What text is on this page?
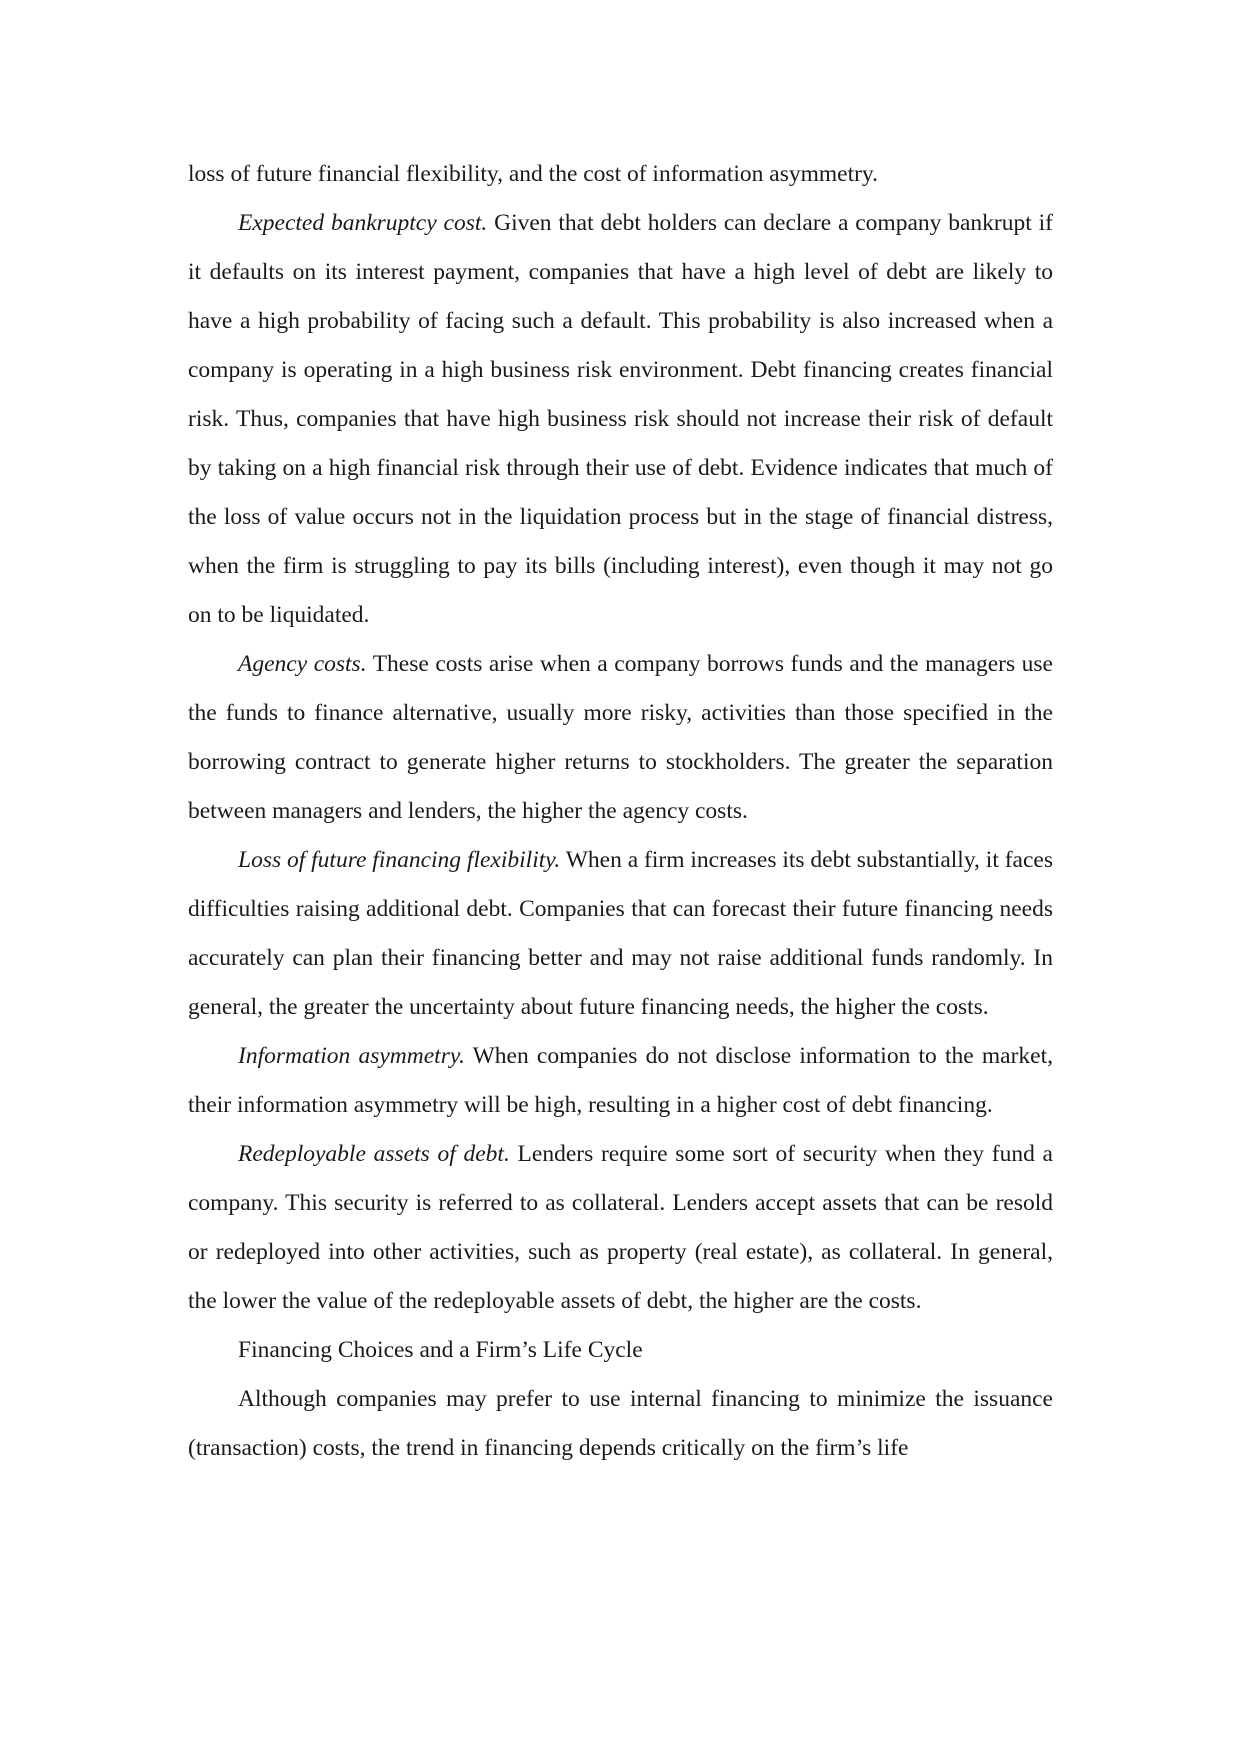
loss of future financial flexibility, and the cost of information asymmetry.

Expected bankruptcy cost. Given that debt holders can declare a company bankrupt if it defaults on its interest payment, companies that have a high level of debt are likely to have a high probability of facing such a default. This probability is also increased when a company is operating in a high business risk environment. Debt financing creates financial risk. Thus, companies that have high business risk should not increase their risk of default by taking on a high financial risk through their use of debt. Evidence indicates that much of the loss of value occurs not in the liquidation process but in the stage of financial distress, when the firm is struggling to pay its bills (including interest), even though it may not go on to be liquidated.

Agency costs. These costs arise when a company borrows funds and the managers use the funds to finance alternative, usually more risky, activities than those specified in the borrowing contract to generate higher returns to stockholders. The greater the separation between managers and lenders, the higher the agency costs.

Loss of future financing flexibility. When a firm increases its debt substantially, it faces difficulties raising additional debt. Companies that can forecast their future financing needs accurately can plan their financing better and may not raise additional funds randomly. In general, the greater the uncertainty about future financing needs, the higher the costs.

Information asymmetry. When companies do not disclose information to the market, their information asymmetry will be high, resulting in a higher cost of debt financing.

Redeployable assets of debt. Lenders require some sort of security when they fund a company. This security is referred to as collateral. Lenders accept assets that can be resold or redeployed into other activities, such as property (real estate), as collateral. In general, the lower the value of the redeployable assets of debt, the higher are the costs.

Financing Choices and a Firm’s Life Cycle

Although companies may prefer to use internal financing to minimize the issuance (transaction) costs, the trend in financing depends critically on the firm’s life
